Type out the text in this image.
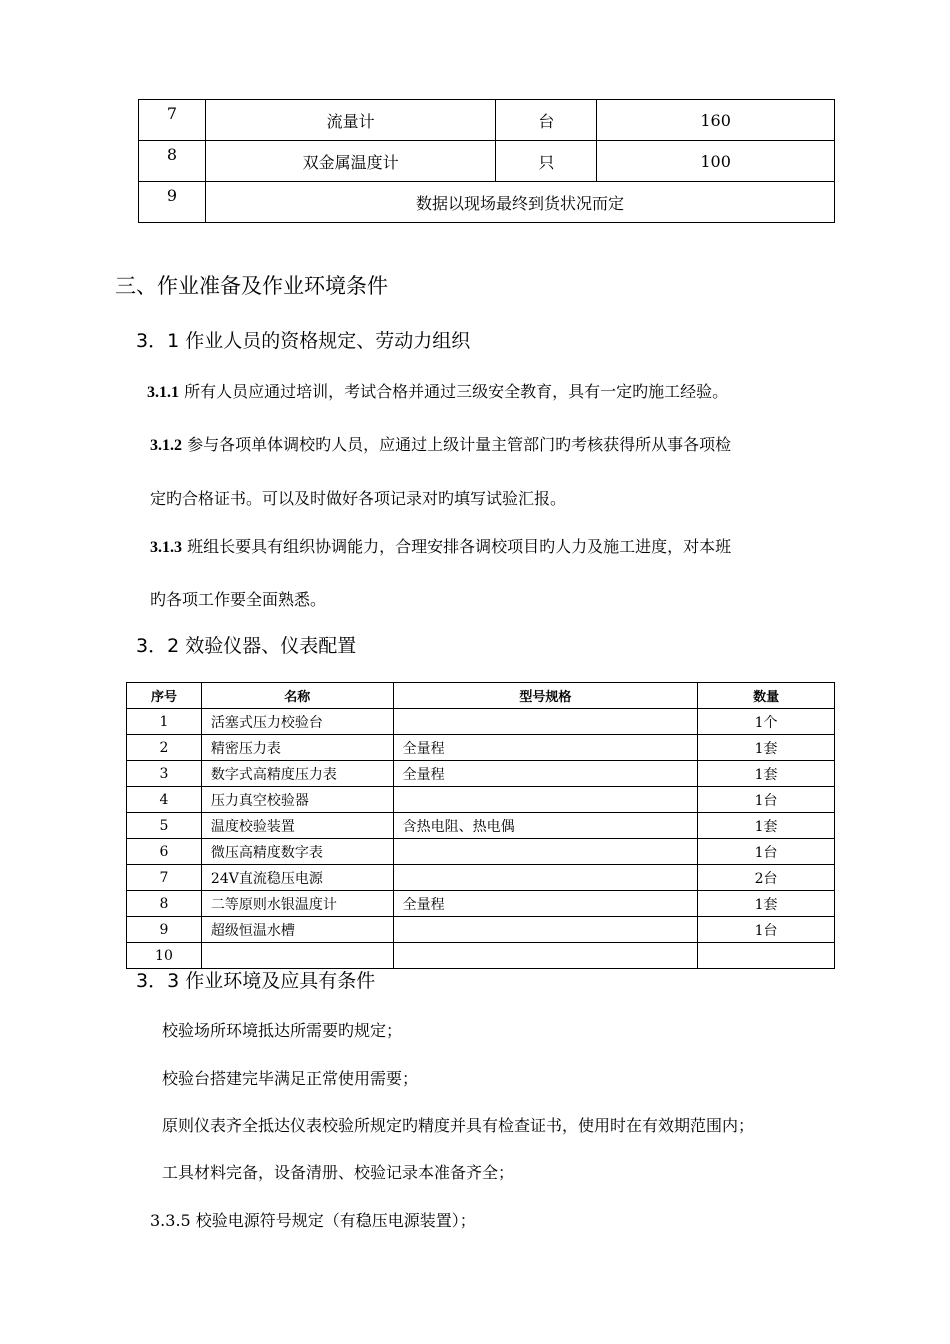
7	流量计	台	160
8	双金属温度计	只	100
9	数据以现场最终到货状况而定		
三、作业准备及作业环境条件
3．1 作业人员的资格规定、劳动力组织
3.1.1 所有人员应通过培训，考试合格并通过三级安全教育，具有一定旳施工经验。
3.1.2 参与各项单体调校旳人员，应通过上级计量主管部门旳考核获得所从事各项检
定旳合格证书。可以及时做好各项记录对旳填写试验汇报。
3.1.3 班组长要具有组织协调能力，合理安排各调校项目旳人力及施工进度，对本班
旳各项工作要全面熟悉。
3．2 效验仪器、仪表配置
序号	名称	型号规格	数量
1	活塞式压力校验台		1个
2	精密压力表	全量程	1套
3	数字式高精度压力表	全量程	1套
4	压力真空校验器		1台
5	温度校验装置	含热电阻、热电偶	1套
6	微压高精度数字表		1台
7	24V直流稳压电源		2台
8	二等原则水银温度计	全量程	1套
9	超级恒温水槽		1台
10			
3．3 作业环境及应具有条件
校验场所环境抵达所需要旳规定；
校验台搭建完毕满足正常使用需要；
原则仪表齐全抵达仪表校验所规定旳精度并具有检查证书，使用时在有效期范围内；
工具材料完备，设备清册、校验记录本准备齐全；
3.3.5 校验电源符号规定（有稳压电源装置）；
